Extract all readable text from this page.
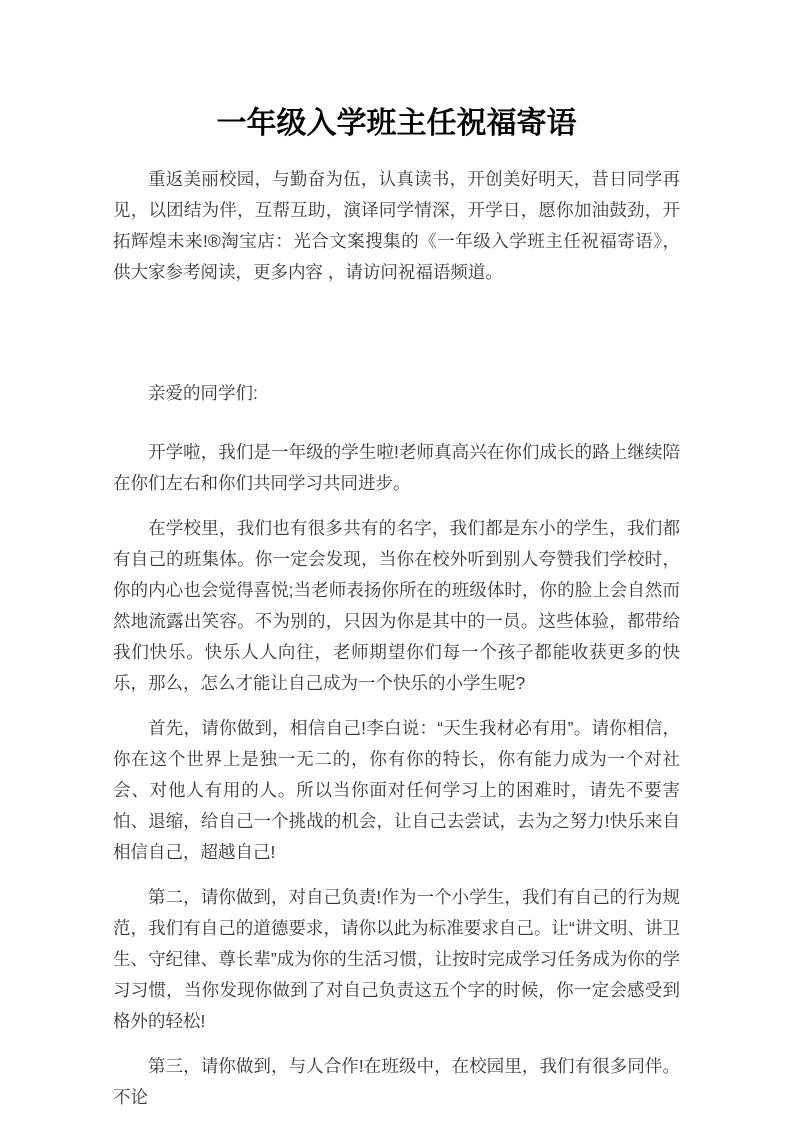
一年级入学班主任祝福寄语

重返美丽校园，与勤奋为伍，认真读书，开创美好明天，昔日同学再见，以团结为伴，互帮互助，演译同学情深，开学日，愿你加油鼓劲，开拓辉煌未来!®淘宝店：光合文案搜集的《一年级入学班主任祝福寄语》，供大家参考阅读，更多内容 ，请访问祝福语频道。

亲爱的同学们:

开学啦，我们是一年级的学生啦!老师真高兴在你们成长的路上继续陪在你们左右和你们共同学习共同进步。

在学校里，我们也有很多共有的名字，我们都是东小的学生，我们都有自己的班集体。你一定会发现，当你在校外听到别人夸赞我们学校时，你的内心也会觉得喜悦;当老师表扬你所在的班级体时，你的脸上会自然而然地流露出笑容。不为别的，只因为你是其中的一员。这些体验，都带给我们快乐。快乐人人向往，老师期望你们每一个孩子都能收获更多的快乐，那么，怎么才能让自己成为一个快乐的小学生呢?

首先，请你做到，相信自己!李白说：“天生我材必有用”。请你相信，你在这个世界上是独一无二的，你有你的特长，你有能力成为一个对社会、对他人有用的人。所以当你面对任何学习上的困难时，请先不要害怕、退缩，给自己一个挑战的机会，让自己去尝试，去为之努力!快乐来自相信自己，超越自己!

第二，请你做到，对自己负责!作为一个小学生，我们有自己的行为规范，我们有自己的道德要求，请你以此为标准要求自己。让“讲文明、讲卫生、守纪律、尊长辈”成为你的生活习惯，让按时完成学习任务成为你的学习习惯，当你发现你做到了对自己负责这五个字的时候，你一定会感受到格外的轻松!

第三，请你做到，与人合作!在班级中，在校园里，我们有很多同伴。不论
